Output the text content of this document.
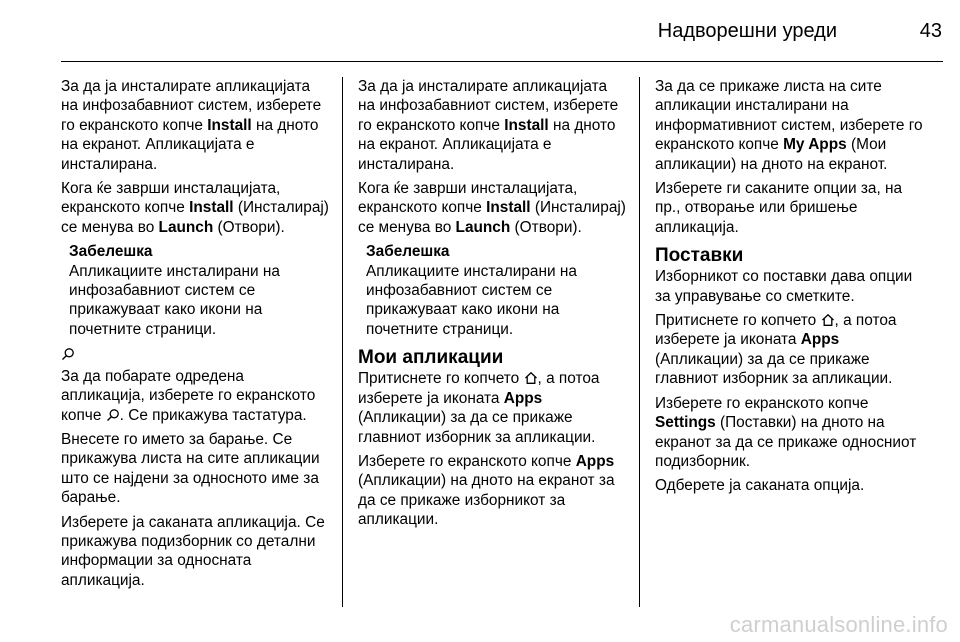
Надворешни уреди	43

За да ја инсталирате апликацијата на инфозабавниот систем, изберете го екранското копче Install на дното на екранот. Апликацијата е инсталирана.

Кога ќе заврши инсталацијата, екранското копче Install (Инсталирај) се менува во Launch (Отвори).

Забелешка
Апликациите инсталирани на инфозабавниот систем се прикажуваат како икони на почетните страници.

За да побарате одредена апликација, изберете го екранското копче . Се прикажува тастатура.

Внесете го името за барање. Се прикажува листа на сите апликации што се најдени за односното име за барање.

Изберете ја саканата апликација. Се прикажува подизборник со детални информации за односната апликација.

За да ја инсталирате апликацијата на инфозабавниот систем, изберете го екранското копче Install на дното на екранот. Апликацијата е инсталирана.

Кога ќе заврши инсталацијата, екранското копче Install (Инсталирај) се менува во Launch (Отвори).

Забелешка
Апликациите инсталирани на инфозабавниот систем се прикажуваат како икони на почетните страници.
Мои апликации

Притиснете го копчето , а потоа изберете ја иконата Apps (Апликации) за да се прикаже главниот изборник за апликации.

Изберете го екранското копче Apps (Апликации) на дното на екранот за да се прикаже изборникот за апликации.

За да се прикаже листа на сите апликации инсталирани на информативниот систем, изберете го екранското копче My Apps (Мои апликации) на дното на екранот.

Изберете ги саканите опции за, на пр., отворање или бришење апликација.

Поставки

Изборникот со поставки дава опции за управување со сметките.

Притиснете го копчето , а потоа изберете ја иконата Apps (Апликации) за да се прикаже главниот изборник за апликации.

Изберете го екранското копче Settings (Поставки) на дното на екранот за да се прикаже односниот подизборник.

Одберете ја саканата опција.

carmanualsonline.info
